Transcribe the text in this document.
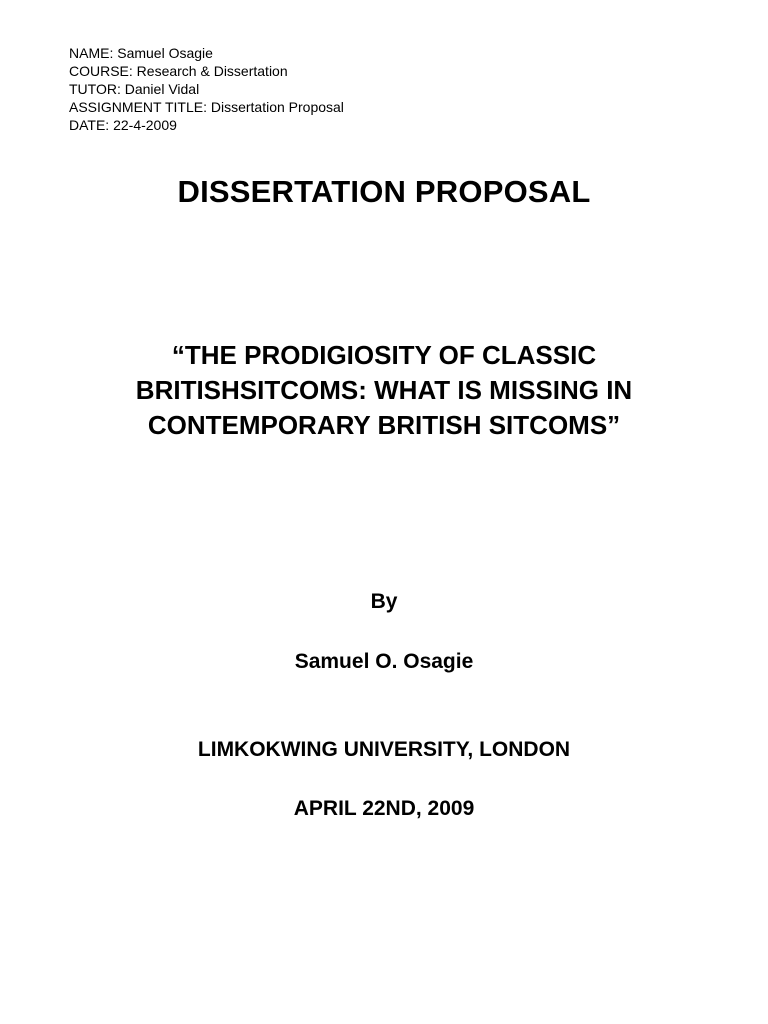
NAME: Samuel Osagie
COURSE: Research & Dissertation
TUTOR: Daniel Vidal
ASSIGNMENT TITLE: Dissertation Proposal
DATE: 22-4-2009
DISSERTATION PROPOSAL
“THE PRODIGIOSITY OF CLASSIC
BRITISHSITCOMS: WHAT IS MISSING IN
CONTEMPORARY BRITISH SITCOMS”
By
Samuel O. Osagie
LIMKOKWING UNIVERSITY, LONDON
APRIL 22ND, 2009
